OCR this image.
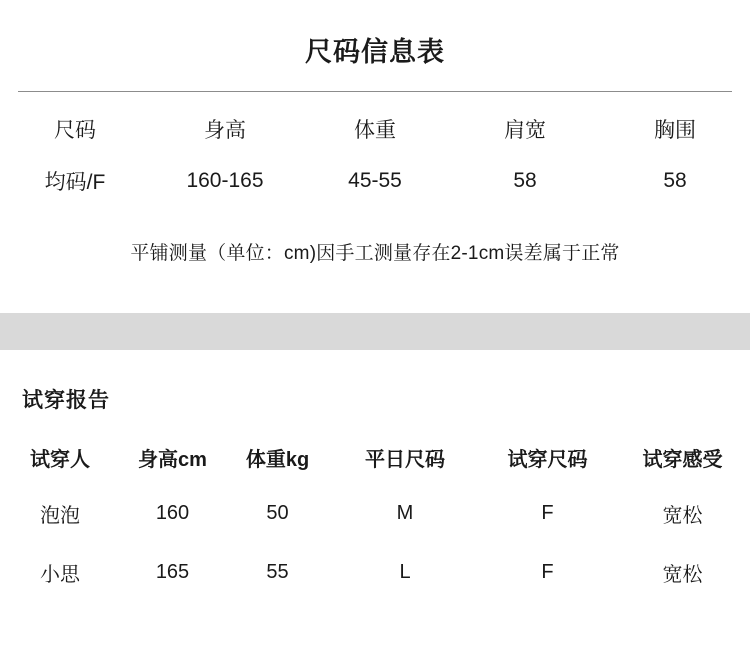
尺码信息表
尺码	身高	体重	肩宽	胸围
均码/F	160-165	45-55	58	58
平铺测量（单位：cm)因手工测量存在2-1cm误差属于正常
试穿报告
试穿人	身高cm	体重kg	平日尺码	试穿尺码	试穿感受
泡泡	160	50	M	F	宽松
小思	165	55	L	F	宽松
